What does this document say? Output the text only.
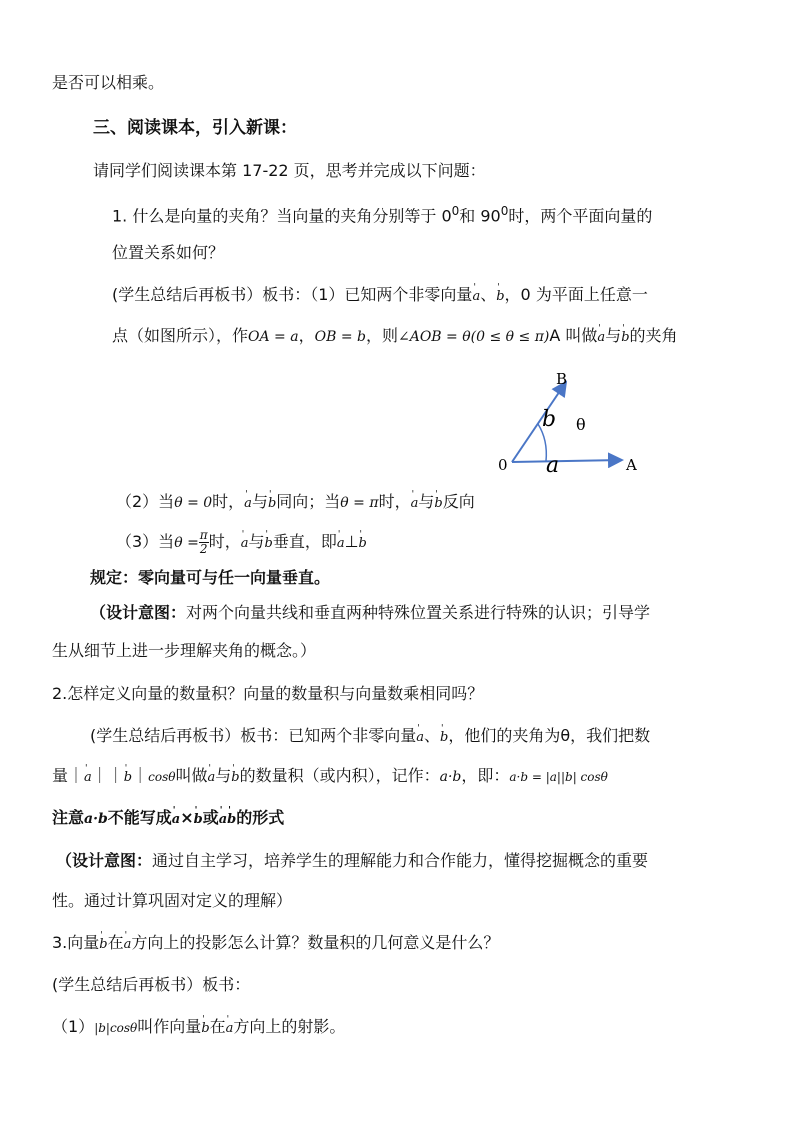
是否可以相乘。
三、阅读课本，引入新课：
请同学们阅读课本第 17-22 页，思考并完成以下问题：
1. 什么是向量的夹角？当向量的夹角分别等于 $0^0$和 $90^0$时，两个平面向量的
位置关系如何？
(学生总结后再板书）板书：（1）已知两个非零向量' a、' b，0 为平面上任意一
点（如图所示），作OA = a，OB = b，则∠AOB = θ(0 ≤ θ ≤ π)A 叫做' a与' b的夹角
B
b θ
0 a	A
（2）当θ = 0时，' a与' b同向；当θ = π时，' a与' b反向
（3）当$\theta = \frac{\pi}{2}$ 时，' a与' b垂直，即' a⊥' b
规定：零向量可与任一向量垂直。
（设计意图：对两个向量共线和垂直两种特殊位置关系进行特殊的认识；引导学
生从细节上进一步理解夹角的概念。）
2.怎样定义向量的数量积？向量的数量积与向量数乘相同吗？
(学生总结后再板书）板书：已知两个非零向量' a、' b，他们的夹角为θ，我们把数
量｜' a｜｜' b｜cosθ叫做' a与' b的数量积（或内积），记作：a·b，即：a·b = |a||b| cosθ
注意a·b不能写成' a×' b或' a' b的形式
（设计意图：通过自主学习，培养学生的理解能力和合作能力，懂得挖掘概念的重要
性。通过计算巩固对定义的理解）
3.向量' b在' a方向上的投影怎么计算？数量积的几何意义是什么？
(学生总结后再板书）板书：
（1）|b|cosθ叫作向量' b在' a方向上的射影。
